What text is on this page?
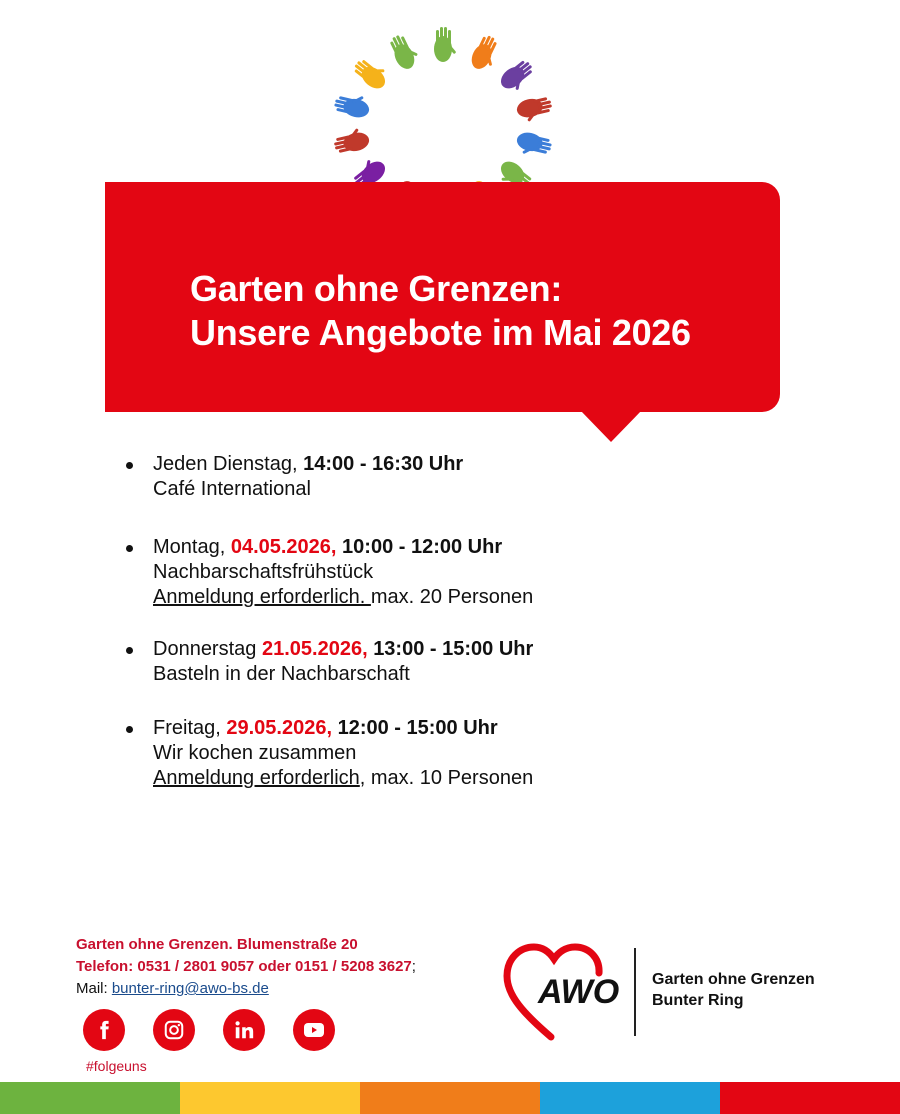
Garten ohne Grenzen:
Unsere Angebote im Mai 2026
Jeden Dienstag, 14:00 - 16:30 Uhr
Café International
Montag, 04.05.2026, 10:00 - 12:00 Uhr
Nachbarschaftsfrühstück
Anmeldung erforderlich. max. 20 Personen
Donnerstag 21.05.2026, 13:00 - 15:00 Uhr
Basteln in der Nachbarschaft
Freitag, 29.05.2026, 12:00 - 15:00 Uhr
Wir kochen zusammen
Anmeldung erforderlich, max. 10 Personen
Garten ohne Grenzen. Blumenstraße 20
Telefon: 0531 / 2801 9057 oder 0151 / 5208 3627;
Mail: bunter-ring@awo-bs.de
#folgeuns
AWO Garten ohne Grenzen
Bunter Ring
